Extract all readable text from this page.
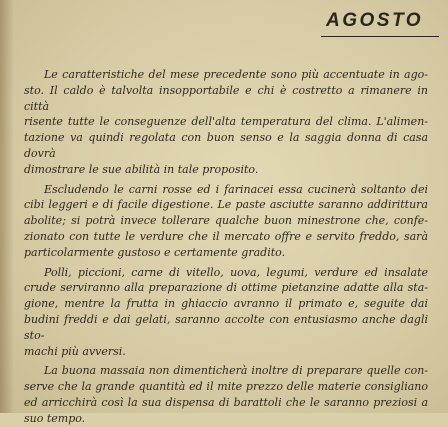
AGOSTO

Le caratteristiche del mese precedente sono più accentuate in ago-
sto. Il caldo è talvolta insopportabile e chi è costretto a rimanere in città
risente tutte le conseguenze dell'alta temperatura del clima. L'alimen-
tazione va quindi regolata con buon senso e la saggia donna di casa dovrà
dimostrare le sue abilità in tale proposito.

Escludendo le carni rosse ed i farinacei essa cucinerà soltanto dei
cibi leggeri e di facile digestione. Le paste asciutte saranno addirittura
abolite; si potrà invece tollerare qualche buon minestrone che, confe-
zionato con tutte le verdure che il mercato offre e servito freddo, sarà
particolarmente gustoso e certamente gradito.

Polli, piccioni, carne di vitello, uova, legumi, verdure ed insalate
crude serviranno alla preparazione di ottime pietanzine adatte alla sta-
gione, mentre la frutta in ghiaccio avranno il primato e, seguite dai
budini freddi e dai gelati, saranno accolte con entusiasmo anche dagli sto-
machi più avversi.

La buona massaia non dimenticherà inoltre di preparare quelle con-
serve che la grande quantità ed il mite prezzo delle materie consigliano
ed arricchirà così la sua dispensa di barattoli che le saranno preziosi a
suo tempo.
